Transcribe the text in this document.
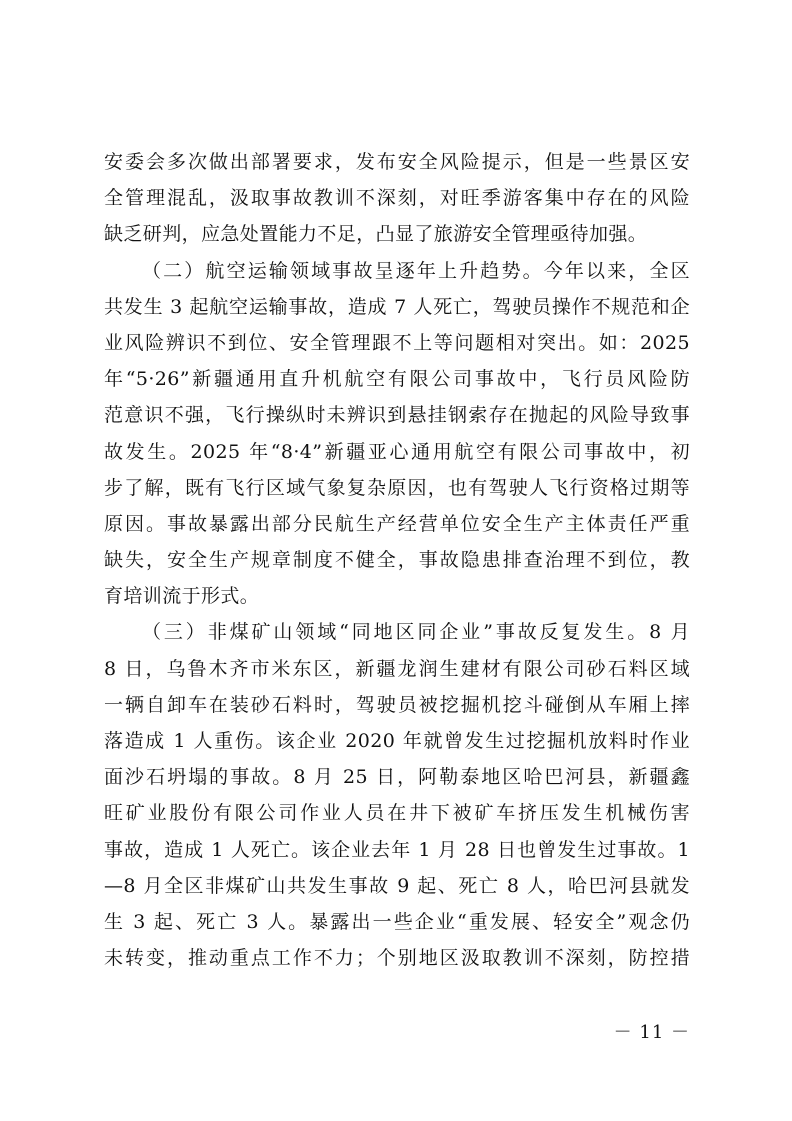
安委会多次做出部署要求，发布安全风险提示，但是一些景区安
全管理混乱，汲取事故教训不深刻，对旺季游客集中存在的风险
缺乏研判，应急处置能力不足，凸显了旅游安全管理亟待加强。
（二）航空运输领域事故呈逐年上升趋势。今年以来，全区
共发生 3 起航空运输事故，造成 7 人死亡，驾驶员操作不规范和企
业风险辨识不到位、安全管理跟不上等问题相对突出。如：2025
年“5·26”新疆通用直升机航空有限公司事故中，飞行员风险防
范意识不强，飞行操纵时未辨识到悬挂钢索存在抛起的风险导致事
故发生。2025 年“8·4”新疆亚心通用航空有限公司事故中，初
步了解，既有飞行区域气象复杂原因，也有驾驶人飞行资格过期等
原因。事故暴露出部分民航生产经营单位安全生产主体责任严重
缺失，安全生产规章制度不健全，事故隐患排查治理不到位，教
育培训流于形式。
（三）非煤矿山领域“同地区同企业”事故反复发生。8 月
8 日，乌鲁木齐市米东区，新疆龙润生建材有限公司砂石料区域
一辆自卸车在装砂石料时，驾驶员被挖掘机挖斗碰倒从车厢上摔
落造成 1 人重伤。该企业 2020 年就曾发生过挖掘机放料时作业
面沙石坍塌的事故。8 月 25 日，阿勒泰地区哈巴河县，新疆鑫
旺矿业股份有限公司作业人员在井下被矿车挤压发生机械伤害
事故，造成 1 人死亡。该企业去年 1 月 28 日也曾发生过事故。1
—8 月全区非煤矿山共发生事故 9 起、死亡 8 人，哈巴河县就发
生 3 起、死亡 3 人。暴露出一些企业“重发展、轻安全”观念仍
未转变，推动重点工作不力；个别地区汲取教训不深刻，防控措
－ 11 －
